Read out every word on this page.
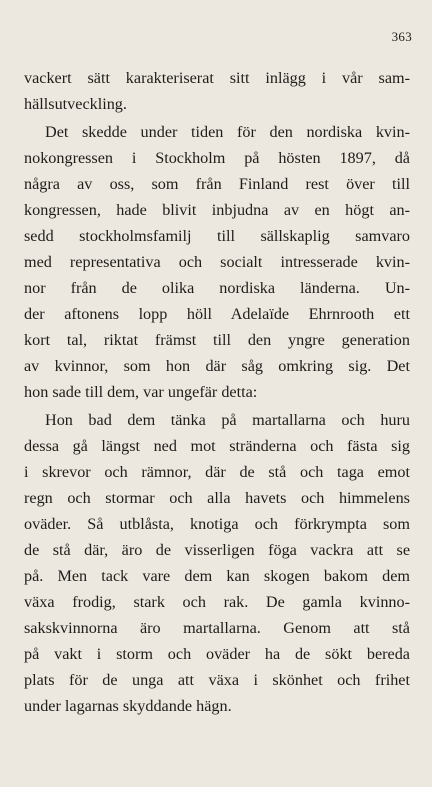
363
vackert sätt karakteriserat sitt inlägg i vår sam-
hällsutveckling.
Det skedde under tiden för den nordiska kvin-
nokongressen i Stockholm på hösten 1897, då
några av oss, som från Finland rest över till
kongressen, hade blivit inbjudna av en högt an-
sedd stockholmsfamilj till sällskaplig samvaro
med representativa och socialt intresserade kvin-
nor från de olika nordiska länderna. Un-
der aftonens lopp höll Adelaïde Ehrnrooth ett
kort tal, riktat främst till den yngre generation
av kvinnor, som hon där såg omkring sig. Det
hon sade till dem, var ungefär detta:
Hon bad dem tänka på martallarna och huru
dessa gå längst ned mot stränderna och fästa sig
i skrevor och rämnor, där de stå och taga emot
regn och stormar och alla havets och himmelens
oväder. Så utblåsta, knotiga och förkrympta som
de stå där, äro de visserligen föga vackra att se
på. Men tack vare dem kan skogen bakom dem
växa frodig, stark och rak. De gamla kvinno-
sakskvinnorna äro martallarna. Genom att stå
på vakt i storm och oväder ha de sökt bereda
plats för de unga att växa i skönhet och frihet
under lagarnas skyddande hägn.
